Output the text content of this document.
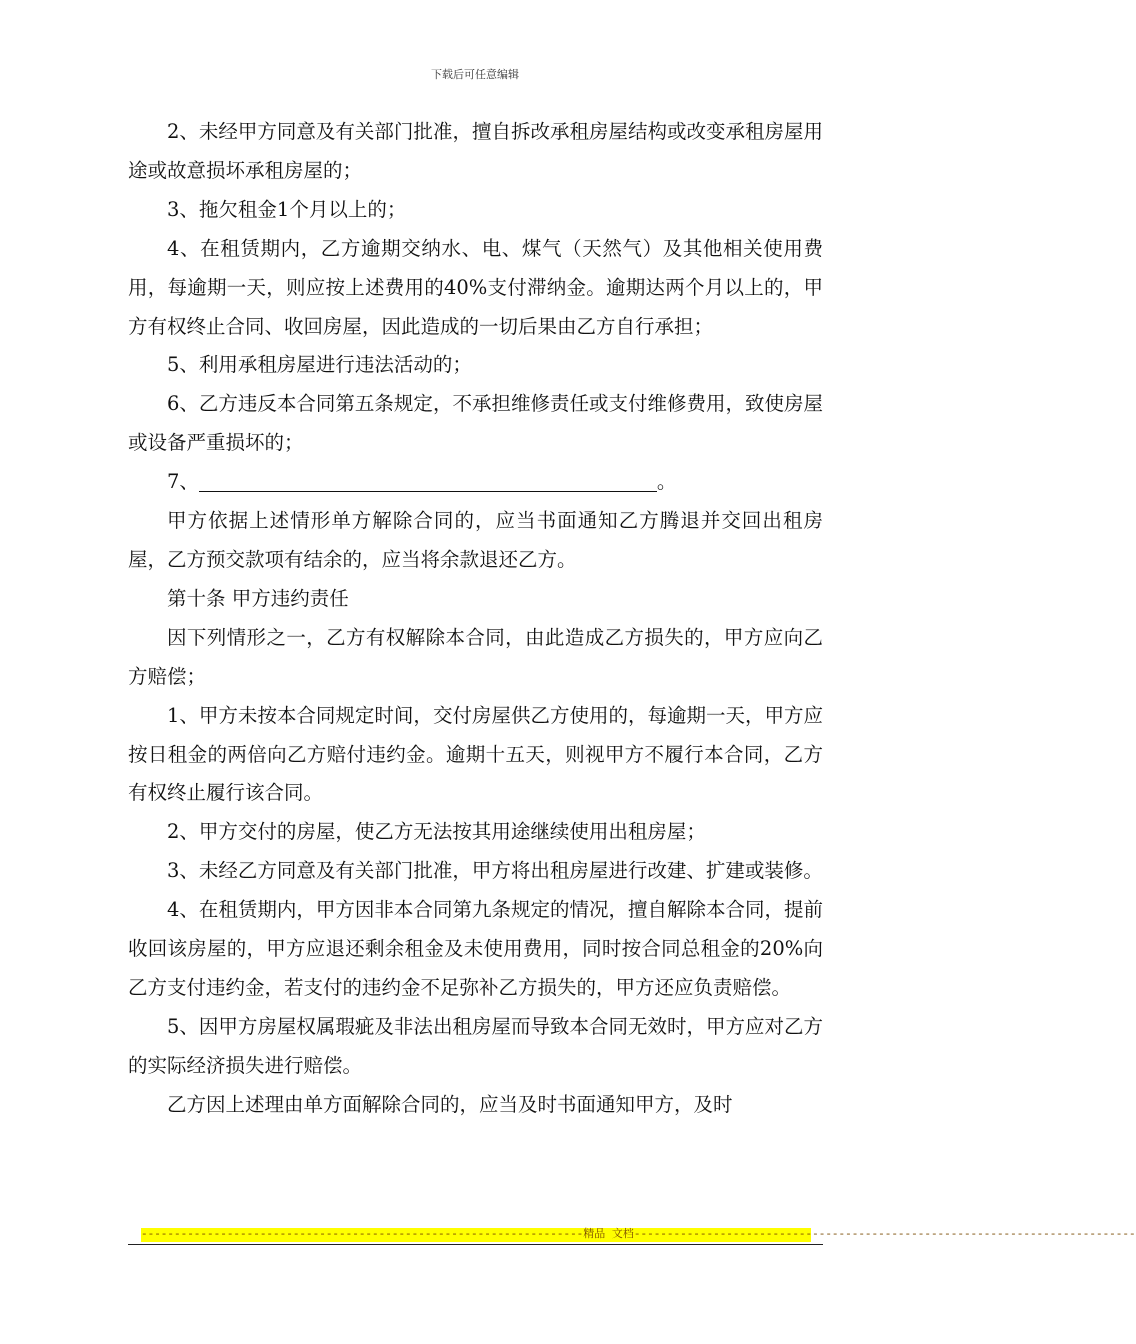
下载后可任意编辑

2、未经甲方同意及有关部门批准，擅自拆改承租房屋结构或改变承租房屋用途或故意损坏承租房屋的；

3、拖欠租金1个月以上的；

4、在租赁期内，乙方逾期交纳水、电、煤气（天然气）及其他相关使用费用，每逾期一天，则应按上述费用的40%支付滞纳金。逾期达两个月以上的，甲方有权终止合同、收回房屋，因此造成的一切后果由乙方自行承担；

5、利用承租房屋进行违法活动的；

6、乙方违反本合同第五条规定，不承担维修责任或支付维修费用，致使房屋或设备严重损坏的；

7、	。

甲方依据上述情形单方解除合同的，应当书面通知乙方腾退并交回出租房屋，乙方预交款项有结余的，应当将余款退还乙方。

第十条 甲方违约责任

因下列情形之一，乙方有权解除本合同，由此造成乙方损失的，甲方应向乙方赔偿；

1、甲方未按本合同规定时间，交付房屋供乙方使用的，每逾期一天，甲方应按日租金的两倍向乙方赔付违约金。逾期十五天，则视甲方不履行本合同，乙方有权终止履行该合同。

2、甲方交付的房屋，使乙方无法按其用途继续使用出租房屋；

3、未经乙方同意及有关部门批准，甲方将出租房屋进行改建、扩建或装修。

4、在租赁期内，甲方因非本合同第九条规定的情况，擅自解除本合同，提前收回该房屋的，甲方应退还剩余租金及未使用费用，同时按合同总租金的20%向乙方支付违约金，若支付的违约金不足弥补乙方损失的，甲方还应负责赔偿。

5、因甲方房屋权属瑕疵及非法出租房屋而导致本合同无效时，甲方应对乙方的实际经济损失进行赔偿。

乙方因上述理由单方面解除合同的，应当及时书面通知甲方，及时

-------------------------------------------------------------------精品 文档----------------------------------------------------------------------------
